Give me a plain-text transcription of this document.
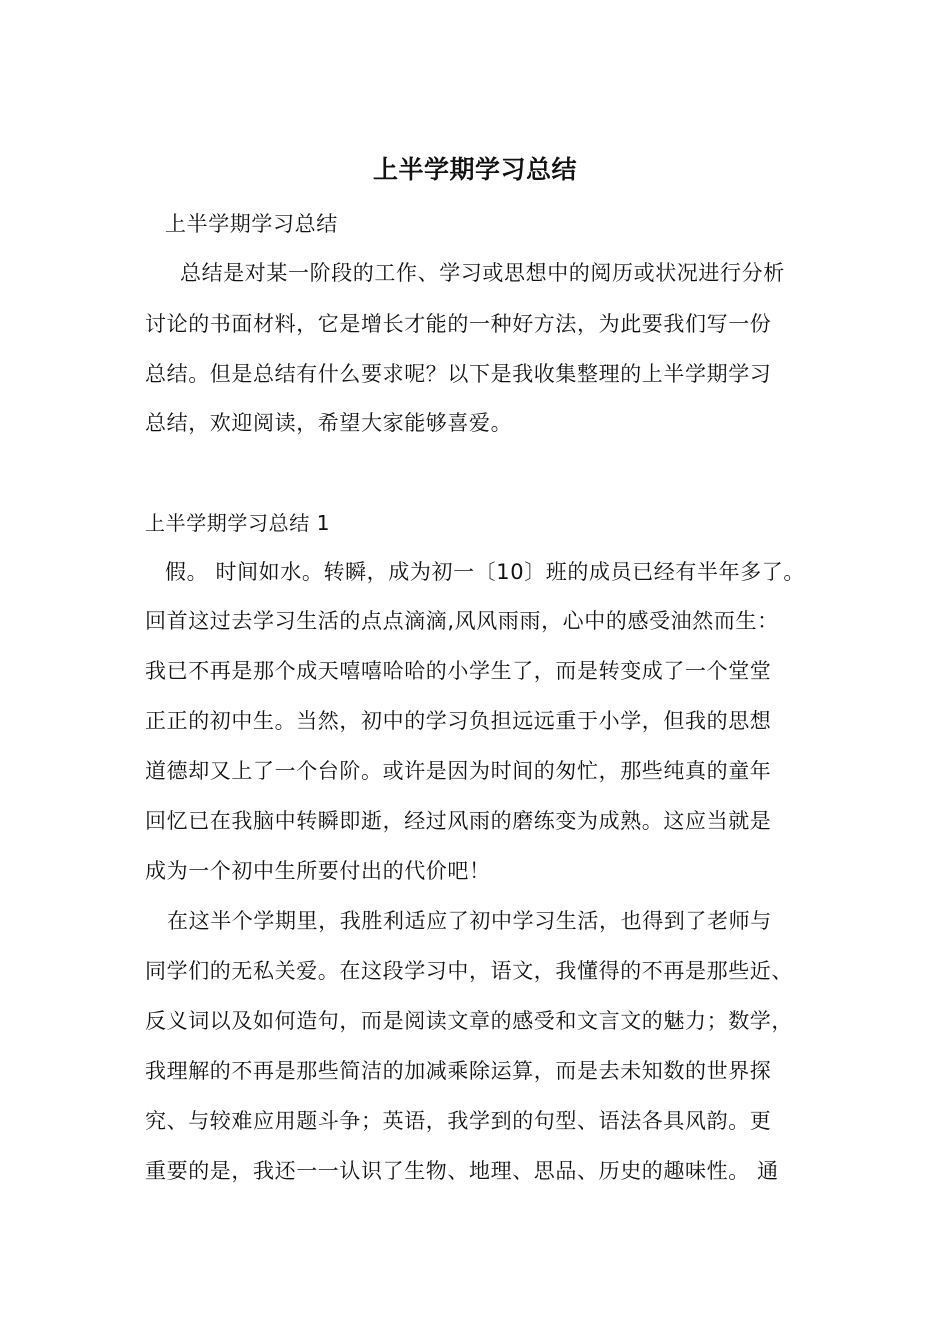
上半学期学习总结
上半学期学习总结
总结是对某一阶段的工作、学习或思想中的阅历或状况进行分析
讨论的书面材料，它是增长才能的一种好方法，为此要我们写一份
总结。但是总结有什么要求呢？以下是我收集整理的上半学期学习
总结，欢迎阅读，希望大家能够喜爱。
上半学期学习总结 1
假。 时间如水。转瞬，成为初一〔10〕班的成员已经有半年多了。
回首这过去学习生活的点点滴滴,风风雨雨，心中的感受油然而生：
我已不再是那个成天嘻嘻哈哈的小学生了，而是转变成了一个堂堂
正正的初中生。当然，初中的学习负担远远重于小学，但我的思想
道德却又上了一个台阶。或许是因为时间的匆忙，那些纯真的童年
回忆已在我脑中转瞬即逝，经过风雨的磨练变为成熟。这应当就是
成为一个初中生所要付出的代价吧！
在这半个学期里，我胜利适应了初中学习生活，也得到了老师与
同学们的无私关爱。在这段学习中，语文，我懂得的不再是那些近、
反义词以及如何造句，而是阅读文章的感受和文言文的魅力；数学，
我理解的不再是那些简洁的加减乘除运算，而是去未知数的世界探
究、与较难应用题斗争；英语，我学到的句型、语法各具风韵。更
重要的是，我还一一认识了生物、地理、思品、历史的趣味性。 通
